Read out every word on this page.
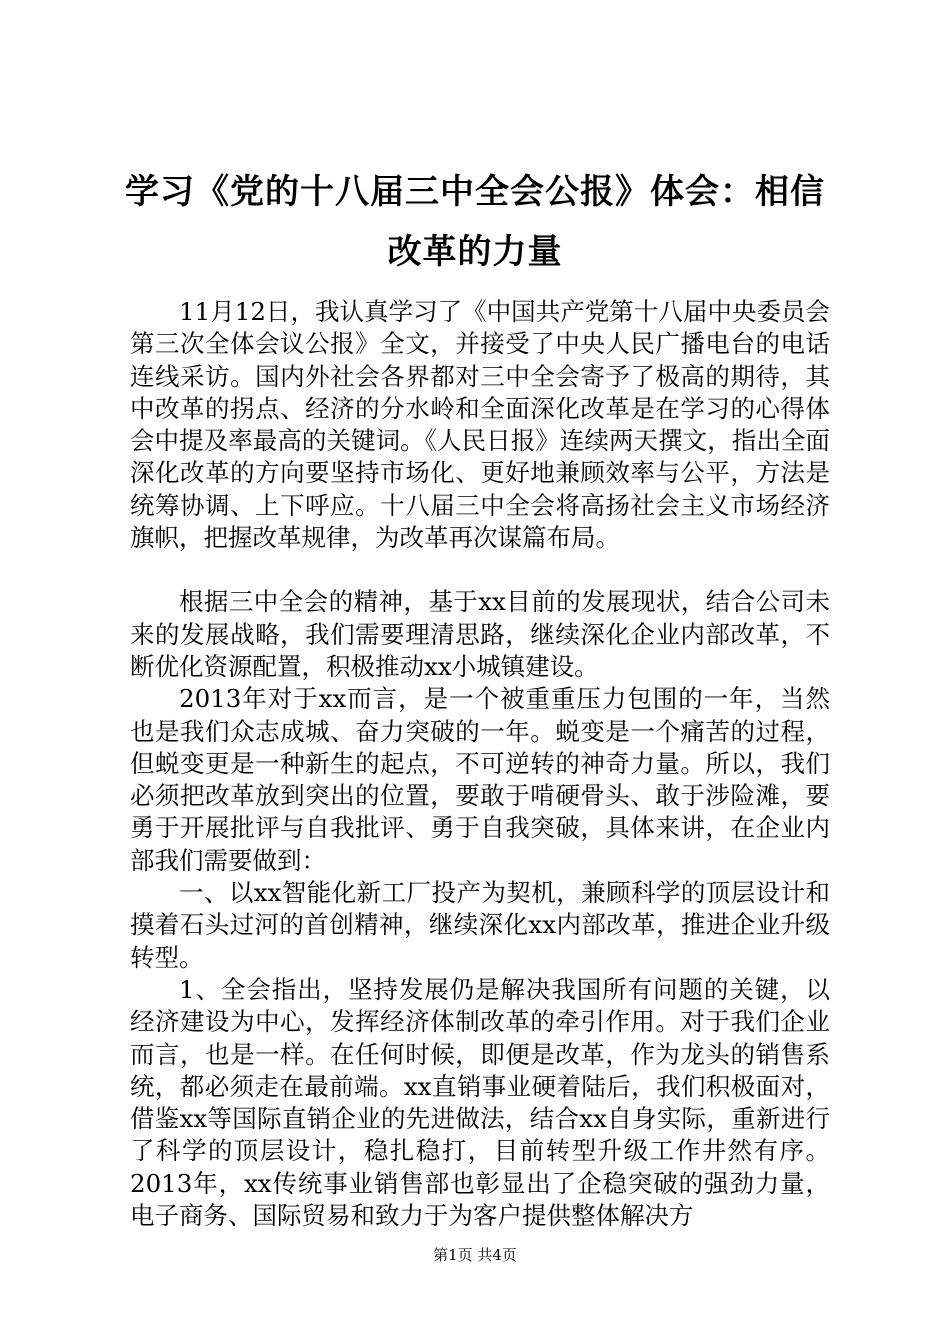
学习《党的十八届三中全会公报》体会：相信
改革的力量

11月12日，我认真学习了《中国共产党第十八届中央委员会第三次全体会议公报》全文，并接受了中央人民广播电台的电话连线采访。国内外社会各界都对三中全会寄予了极高的期待，其中改革的拐点、经济的分水岭和全面深化改革是在学习的心得体会中提及率最高的关键词。《人民日报》连续两天撰文，指出全面深化改革的方向要坚持市场化、更好地兼顾效率与公平，方法是统筹协调、上下呼应。十八届三中全会将高扬社会主义市场经济旗帜，把握改革规律，为改革再次谋篇布局。

根据三中全会的精神，基于xx目前的发展现状，结合公司未来的发展战略，我们需要理清思路，继续深化企业内部改革，不断优化资源配置，积极推动xx小城镇建设。

2013年对于xx而言，是一个被重重压力包围的一年，当然也是我们众志成城、奋力突破的一年。蜕变是一个痛苦的过程，但蜕变更是一种新生的起点，不可逆转的神奇力量。所以，我们必须把改革放到突出的位置，要敢于啃硬骨头、敢于涉险滩，要勇于开展批评与自我批评、勇于自我突破，具体来讲，在企业内部我们需要做到：

一、以xx智能化新工厂投产为契机，兼顾科学的顶层设计和摸着石头过河的首创精神，继续深化xx内部改革，推进企业升级转型。

1、全会指出，坚持发展仍是解决我国所有问题的关键，以经济建设为中心，发挥经济体制改革的牵引作用。对于我们企业而言，也是一样。在任何时候，即便是改革，作为龙头的销售系统，都必须走在最前端。xx直销事业硬着陆后，我们积极面对，借鉴xx等国际直销企业的先进做法，结合xx自身实际，重新进行了科学的顶层设计，稳扎稳打，目前转型升级工作井然有序。2013年，xx传统事业销售部也彰显出了企稳突破的强劲力量，电子商务、国际贸易和致力于为客户提供整体解决方

第1页 共4页
